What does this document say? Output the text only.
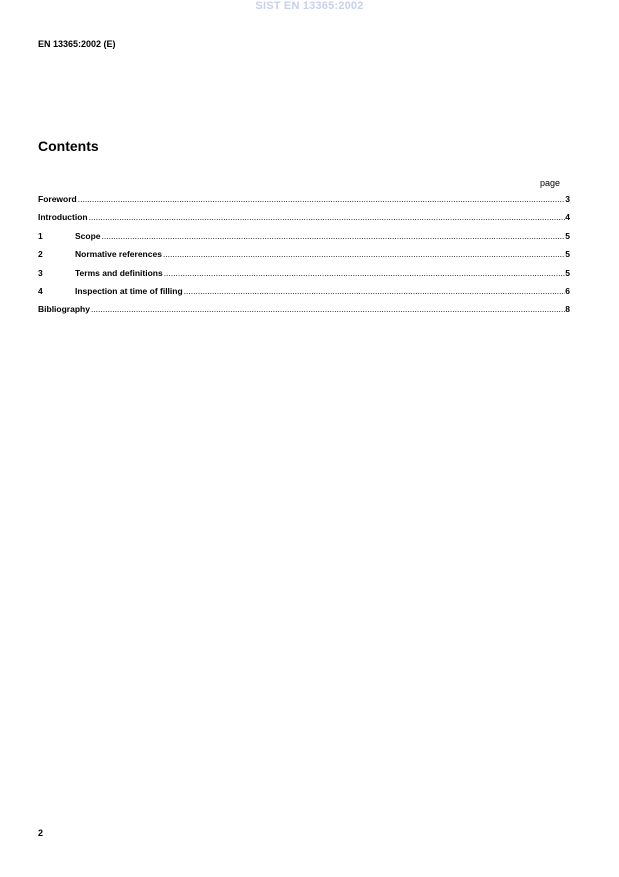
SIST EN 13365:2002
EN 13365:2002 (E)
Contents
page
Foreword .....	3
Introduction .....	4
1	Scope .....	5
2	Normative references .....	5
3	Terms and definitions .....	5
4	Inspection at time of filling .....	6
Bibliography .....	8
2
